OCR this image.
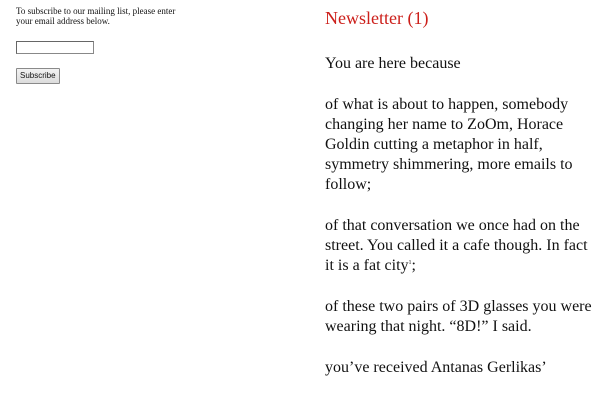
To subscribe to our mailing list, please enter your email address below.

Subscribe
Newsletter (1)

You are here because

of what is about to happen, somebody changing her name to ZoOm, Horace Goldin cutting a metaphor in half, symmetry shimmering, more emails to follow;

of that conversation we once had on the street. You called it a cafe though. In fact it is a fat city$^1$;

of these two pairs of 3D glasses you were wearing that night. “8D!” I said.

you’ve received Antanas Gerlikas’
